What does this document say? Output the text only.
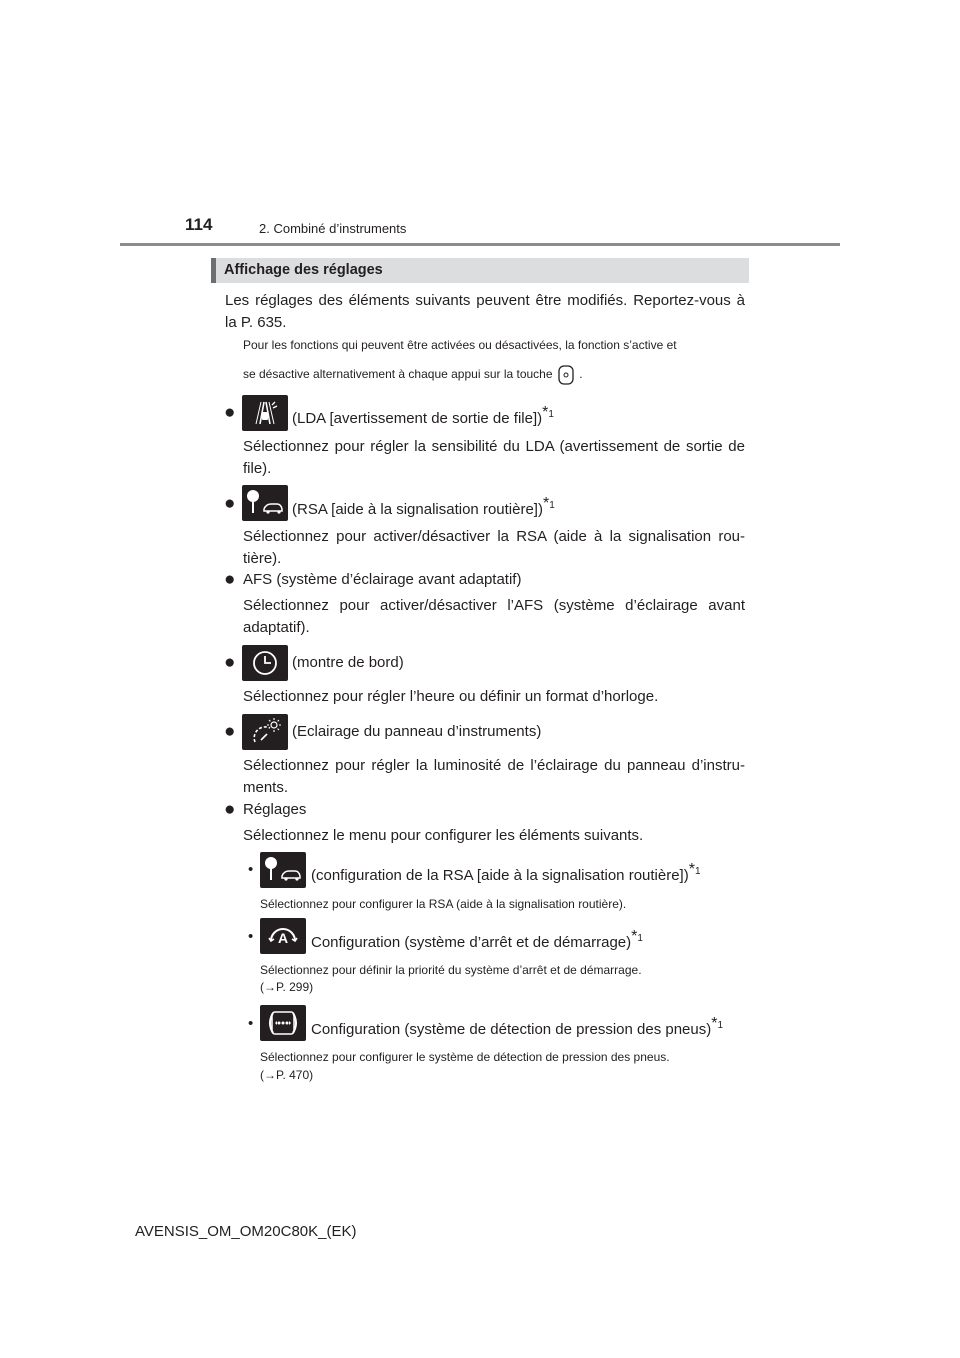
114	2. Combiné d’instruments
Affichage des réglages
Les réglages des éléments suivants peuvent être modifiés. Reportez-vous à la P. 635.
Pour les fonctions qui peuvent être activées ou désactivées, la fonction s’active et
se désactive alternativement à chaque appui sur la touche .
●	(LDA [avertissement de sortie de file])$^{*1}$
Sélectionnez pour régler la sensibilité du LDA (avertissement de sortie de file).
●	(RSA [aide à la signalisation routière])$^{*1}$
Sélectionnez pour activer/désactiver la RSA (aide à la signalisation rou-tière).
● AFS (système d’éclairage avant adaptatif)
Sélectionnez pour activer/désactiver l’AFS (système d’éclairage avant adaptatif).
●	(montre de bord)
Sélectionnez pour régler l’heure ou définir un format d’horloge.
●	(Eclairage du panneau d’instruments)
Sélectionnez pour régler la luminosité de l’éclairage du panneau d’instru-ments.
● Réglages
Sélectionnez le menu pour configurer les éléments suivants.
•	(configuration de la RSA [aide à la signalisation routière])$^{*1}$
Sélectionnez pour configurer la RSA (aide à la signalisation routière).
• A Configuration (système d’arrêt et de démarrage)$^{*1}$
Sélectionnez pour définir la priorité du système d’arrêt et de démarrage.
(→P. 299)
•	Configuration (système de détection de pression des pneus)$^{*1}$
Sélectionnez pour configurer le système de détection de pression des pneus.
(→P. 470)
AVENSIS_OM_OM20C80K_(EK)
